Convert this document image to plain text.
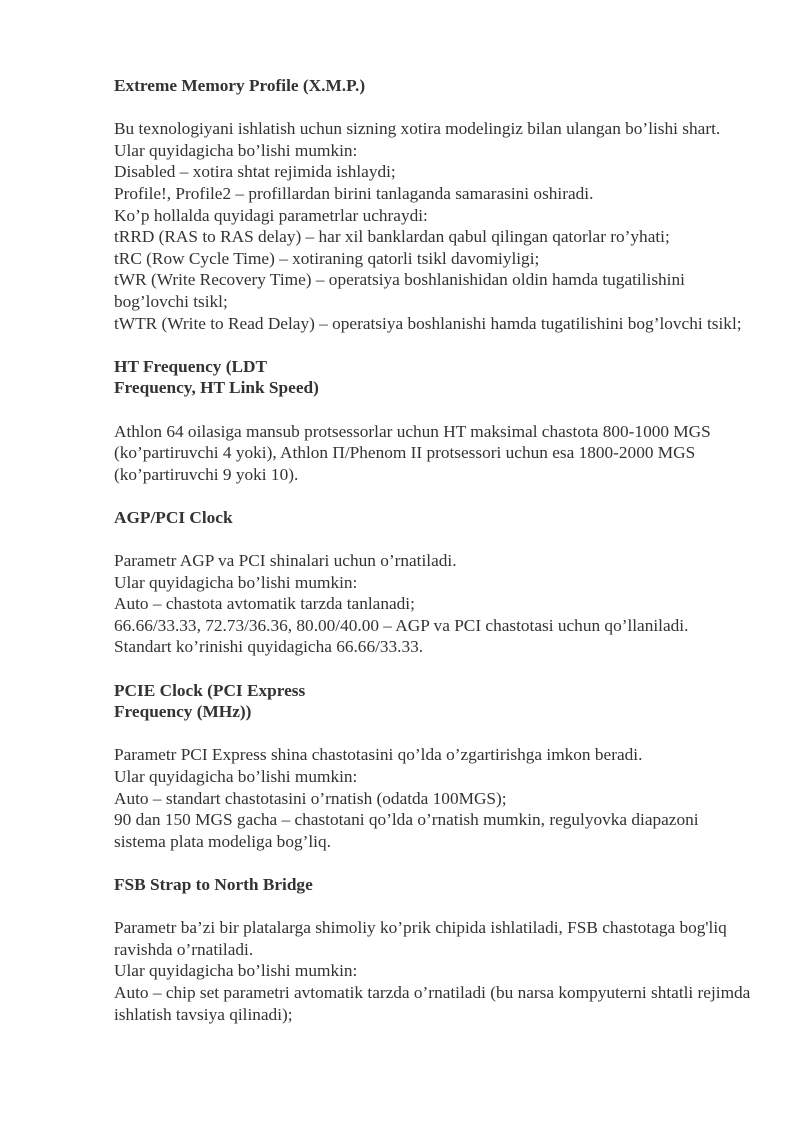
Extreme Memory Profile (X.M.P.)

Bu texnologiyani ishlatish uchun sizning xotira modelingiz bilan ulangan bo’lishi shart.
Ular quyidagicha bo’lishi mumkin:
Disabled – xotira shtat rejimida ishlaydi;
Profile!, Profile2 – profillardan birini tanlaganda samarasini oshiradi.
Ko’p hollalda quyidagi parametrlar uchraydi:
tRRD (RAS to RAS delay) – har xil banklardan qabul qilingan qatorlar ro’yhati;
tRC (Row Cycle Time) – xotiraning qatorli tsikl davomiyligi;
tWR (Write Recovery Time) – operatsiya boshlanishidan oldin hamda tugatilishini bog’lovchi tsikl;
tWTR (Write to Read Delay) – operatsiya boshlanishi hamda tugatilishini bog’lovchi tsikl;

HT Frequency (LDT
Frequency, HT Link Speed)

Athlon 64 oilasiga mansub protsessorlar uchun HT maksimal chastota 800-1000 MGS (ko’partiruvchi 4 yoki), Athlon П/Phenom II protsessori uchun esa 1800-2000 MGS (ko’partiruvchi 9 yoki 10).

AGP/PCI Clock

Parametr AGP va PCI shinalari uchun o’rnatiladi.
Ular quyidagicha bo’lishi mumkin:
Auto – chastota avtomatik tarzda tanlanadi;
66.66/33.33, 72.73/36.36, 80.00/40.00 – AGP va PCI chastotasi uchun qo’llaniladi.
Standart ko’rinishi quyidagicha 66.66/33.33.

PCIE Clock (PCI Express
Frequency (MHz))

Parametr PCI Express shina chastotasini qo’lda o’zgartirishga imkon beradi.
Ular quyidagicha bo’lishi mumkin:
Auto – standart chastotasini o’rnatish (odatda 100MGS);
90 dan 150 MGS gacha – chastotani qo’lda o’rnatish mumkin, regulyovka diapazoni sistema plata modeliga bog’liq.

FSB Strap to North Bridge

Parametr ba’zi bir platalarga shimoliy ko’prik chipida ishlatiladi, FSB chastotaga bog'liq ravishda o’rnatiladi.
Ular quyidagicha bo’lishi mumkin:
Auto – chip set parametri avtomatik tarzda o’rnatiladi (bu narsa kompyuterni shtatli rejimda ishlatish tavsiya qilinadi);
